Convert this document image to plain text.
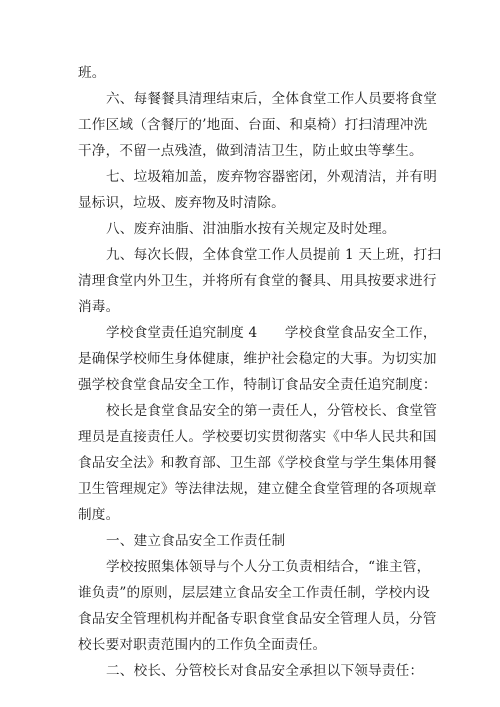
班。
六、每餐餐具清理结束后，全体食堂工作人员要将食堂
工作区域（含餐厅的’地面、台面、和桌椅）打扫清理冲洗
干净，不留一点残渣，做到清洁卫生，防止蚊虫等孳生。
七、垃圾箱加盖，废弃物容器密闭，外观清洁，并有明
显标识，垃圾、废弃物及时清除。
八、废弃油脂、泔油脂水按有关规定及时处理。
九、每次长假，全体食堂工作人员提前 1 天上班，打扫
清理食堂内外卫生，并将所有食堂的餐具、用具按要求进行
消毒。
学校食堂责任追究制度 4　　学校食堂食品安全工作，
是确保学校师生身体健康，维护社会稳定的大事。为切实加
强学校食堂食品安全工作，特制订食品安全责任追究制度：
校长是食堂食品安全的第一责任人，分管校长、食堂管
理员是直接责任人。学校要切实贯彻落实《中华人民共和国
食品安全法》和教育部、卫生部《学校食堂与学生集体用餐
卫生管理规定》等法律法规，建立健全食堂管理的各项规章
制度。
一、建立食品安全工作责任制
学校按照集体领导与个人分工负责相结合，“谁主管，
谁负责”的原则，层层建立食品安全工作责任制，学校内设
食品安全管理机构并配备专职食堂食品安全管理人员，分管
校长要对职责范围内的工作负全面责任。
二、校长、分管校长对食品安全承担以下领导责任：
